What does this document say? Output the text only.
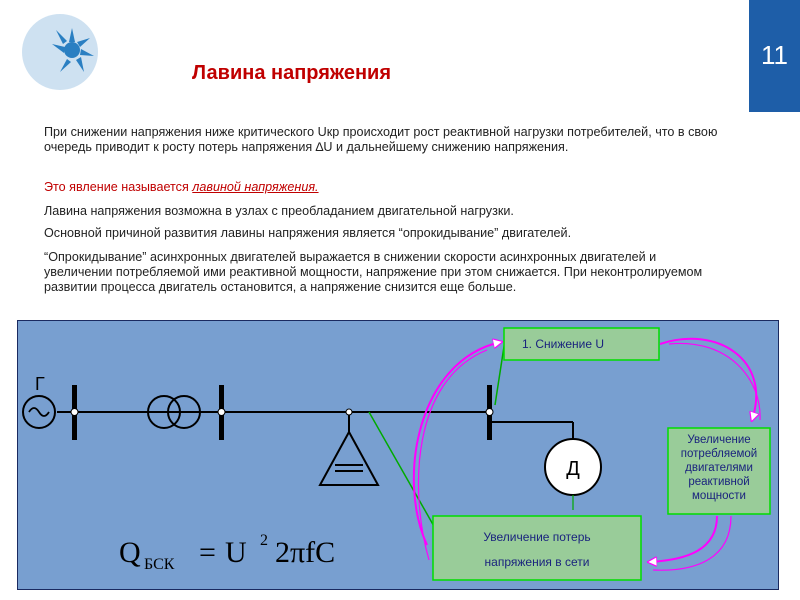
11
Лавина напряжения
При снижении напряжения ниже критического Uкр происходит рост реактивной нагрузки потребителей, что в свою очередь приводит к росту потерь напряжения ∆U и дальнейшему снижению напряжения.
Это явление называется лавиной напряжения.
Лавина напряжения возможна в узлах с преобладанием двигательной нагрузки.
Основной причиной развития лавины напряжения является “опрокидывание” двигателей.
“Опрокидывание” асинхронных двигателей выражается в снижении скорости асинхронных двигателей и увеличении потребляемой ими реактивной мощности, напряжение при этом снижается. При неконтролируемом развитии процесса двигатель остановится, а напряжение снизится еще больше.
Г
Д
1. Снижение U
Увеличение
потребляемой
двигателями
реактивной
мощности
Увеличение потерь
напряжения в сети
Q БСК = U 2 2πfC
